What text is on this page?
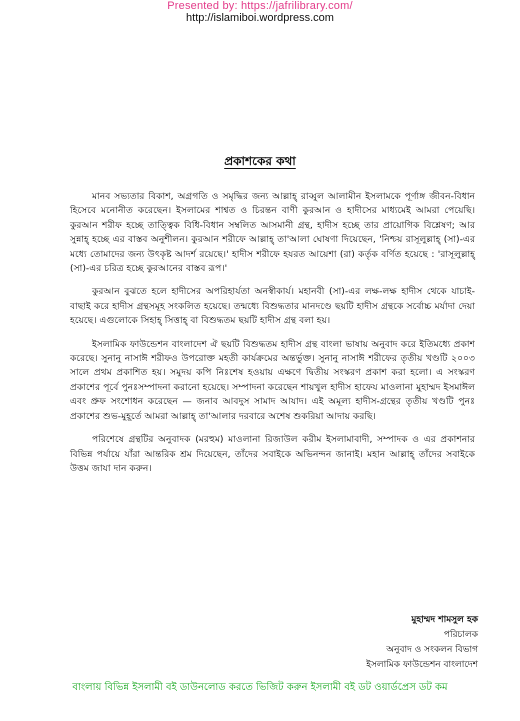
Presented by: https://jafrilibrary.com/
http://islamiboi.wordpress.com
প্রকাশকের কথা

মানব সভ্যতার বিকাশ, অগ্রগতি ও সমৃদ্ধির জন্য আল্লাহ্ রাব্বুল আলামীন ইসলামকে পূর্ণাঙ্গ জীবন-বিধান হিসেবে মনোনীত করেছেন। ইসলামের শাশ্বত ও চিরন্তন বাণী কুরআন ও হাদীসের মাধ্যমেই আমরা পেয়েছি। কুরআন শরীফ হচ্ছে তাত্ত্বিক বিধি-বিধান সম্বলিত আসমানী গ্রন্থ, হাদীস হচ্ছে তার প্রায়োগিক বিশ্লেষণ; আর সুন্নাহ্ হচ্ছে এর বাস্তব অনুশীলন। কুরআন শরীফে আল্লাহ্ তা'আলা ঘোষণা দিয়েছেন, 'নিশ্চয় রাসূলুল্লাহ্ (সা)-এর মধ্যে তোমাদের জন্য উৎকৃষ্ট আদর্শ রয়েছে।' হাদীস শরীফে হযরত আয়েশা (রা) কর্তৃক বর্ণিত হয়েছে : 'রাসূলুল্লাহ্ (সা)-এর চরিত্র হচ্ছে কুরআনের বাস্তব রূপ।'

কুরআন বুঝতে হলে হাদীসের অপরিহার্যতা অনস্বীকার্য। মহানবী (সা)-এর লক্ষ-লক্ষ হাদীস থেকে যাচাই-বাছাই করে হাদীস গ্রন্থসমূহ সংকলিত হয়েছে। তন্মধ্যে বিশুদ্ধতার মানদণ্ডে ছয়টি হাদীস গ্রন্থকে সর্বোচ্চ মর্যাদা দেয়া হয়েছে। এগুলোকে সিহাহ্ সিত্তাহ্ বা বিশুদ্ধতম ছয়টি হাদীস গ্রন্থ বলা হয়।

ইসলামিক ফাউন্ডেশন বাংলাদেশ ঐ ছয়টি বিশুদ্ধতম হাদীস গ্রন্থ বাংলা ভাষায় অনুবাদ করে ইতিমধ্যে প্রকাশ করেছে। সুনানু নাসাঈ শরীফও উপরোক্ত মহতী কার্যক্রমের অন্তর্ভুক্ত। সুনানু নাসাঈ শরীফের তৃতীয় খণ্ডটি ২০০৩ সালে প্রথম প্রকাশিত হয়। সমুদয় কপি নিঃশেষ হওয়ায় এক্ষণে দ্বিতীয় সংস্করণ প্রকাশ করা হলো। এ সংস্করণ প্রকাশের পূর্বে পুনঃসম্পাদনা করানো হয়েছে। সম্পাদনা করেছেন শায়খুল হাদীস হাফেয মাওলানা মুহাম্মদ ইসমাঈল এবং প্রুফ সংশোধন করেছেন — জনাব আবদুস সামাদ আযাদ। এই অমূল্য হাদীস-গ্রন্থের তৃতীয় খণ্ডটি পুনঃ প্রকাশের শুভ-মুহূর্তে আমরা আল্লাহ্ তা'আলার দরবারে অশেষ শুকরিয়া আদায় করছি।

পরিশেষে গ্রন্থটির অনুবাদক (মরহুম) মাওলানা রিজাউল করীম ইসলামাবাদী, সম্পাদক ও এর প্রকাশনার বিভিন্ন পর্যায়ে যাঁরা আন্তরিক শ্রম দিয়েছেন, তাঁদের সবাইকে অভিনন্দন জানাই। মহান আল্লাহ্ তাঁদের সবাইকে উত্তম জাযা দান করুন।

মুহাম্মদ শামসুল হক
পরিচালক
অনুবাদ ও সংকলন বিভাগ
ইসলামিক ফাউন্ডেশন বাংলাদেশ
বাংলায় বিভিন্ন ইসলামী বই ডাউনলোড করতে ভিজিট করুন ইসলামী বই ডট ওয়ার্ডপ্রেস ডট কম
